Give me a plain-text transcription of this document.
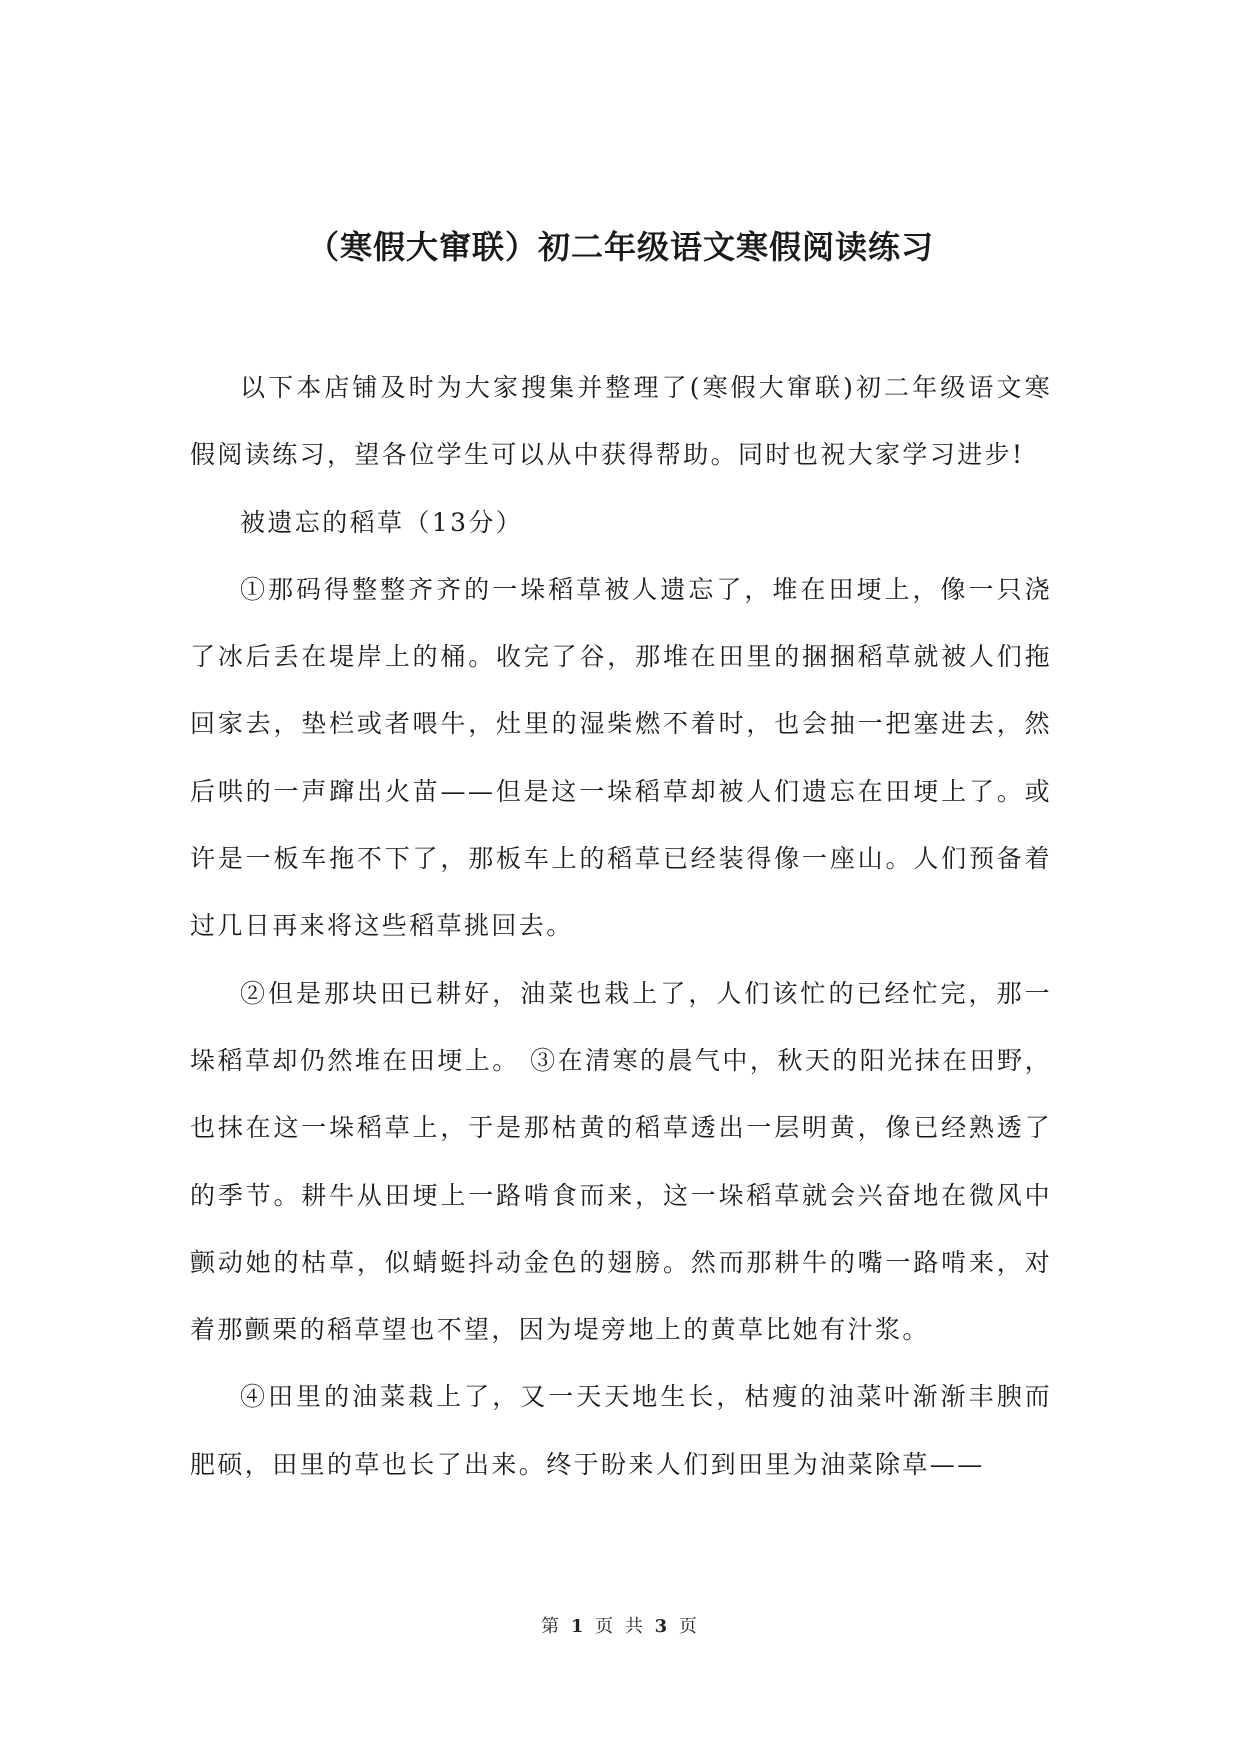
（寒假大窜联）初二年级语文寒假阅读练习

以下本店铺及时为大家搜集并整理了(寒假大窜联)初二年级语文寒假阅读练习，望各位学生可以从中获得帮助。同时也祝大家学习进步!

被遗忘的稻草（13分）

①那码得整整齐齐的一垛稻草被人遗忘了，堆在田埂上，像一只浇了冰后丢在堤岸上的桶。收完了谷，那堆在田里的捆捆稻草就被人们拖回家去，垫栏或者喂牛，灶里的湿柴燃不着时，也会抽一把塞进去，然后哄的一声蹿出火苗——但是这一垛稻草却被人们遗忘在田埂上了。或许是一板车拖不下了，那板车上的稻草已经装得像一座山。人们预备着过几日再来将这些稻草挑回去。

②但是那块田已耕好，油菜也栽上了，人们该忙的已经忙完，那一垛稻草却仍然堆在田埂上。 ③在清寒的晨气中，秋天的阳光抹在田野，也抹在这一垛稻草上，于是那枯黄的稻草透出一层明黄，像已经熟透了的季节。耕牛从田埂上一路啃食而来，这一垛稻草就会兴奋地在微风中颤动她的枯草，似蜻蜓抖动金色的翅膀。然而那耕牛的嘴一路啃来，对着那颤栗的稻草望也不望，因为堤旁地上的黄草比她有汁浆。

④田里的油菜栽上了，又一天天地生长，枯瘦的油菜叶渐渐丰腴而肥硕，田里的草也长了出来。终于盼来人们到田里为油菜除草——

第 1 页 共 3 页
